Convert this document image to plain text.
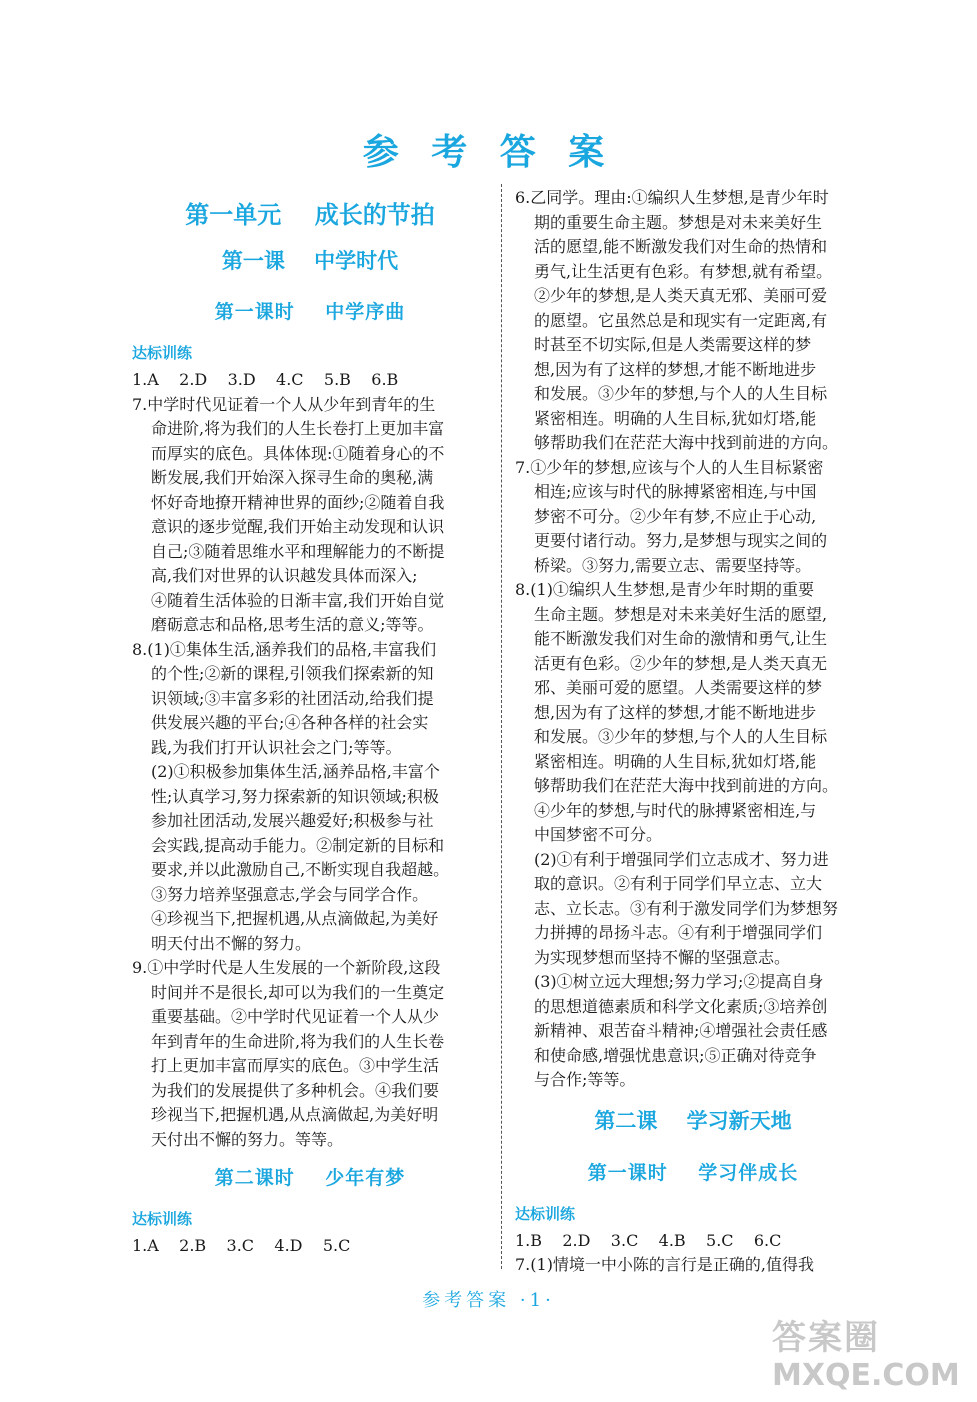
参 考 答 案
第一单元    成长的节拍
第一课    中学时代
第一课时    中学序曲
达标训练
1.A    2.D    3.D    4.C    5.B    6.B
7.中学时代见证着一个人从少年到青年的生
命进阶,将为我们的人生长卷打上更加丰富
而厚实的底色。具体体现:①随着身心的不
断发展,我们开始深入探寻生命的奥秘,满
怀好奇地撩开精神世界的面纱;②随着自我
意识的逐步觉醒,我们开始主动发现和认识
自己;③随着思维水平和理解能力的不断提
高,我们对世界的认识越发具体而深入;
④随着生活体验的日渐丰富,我们开始自觉
磨砺意志和品格,思考生活的意义;等等。
8.(1)①集体生活,涵养我们的品格,丰富我们
的个性;②新的课程,引领我们探索新的知
识领域;③丰富多彩的社团活动,给我们提
供发展兴趣的平台;④各种各样的社会实
践,为我们打开认识社会之门;等等。
(2)①积极参加集体生活,涵养品格,丰富个
性;认真学习,努力探索新的知识领域;积极
参加社团活动,发展兴趣爱好;积极参与社
会实践,提高动手能力。②制定新的目标和
要求,并以此激励自己,不断实现自我超越。
③努力培养坚强意志,学会与同学合作。
④珍视当下,把握机遇,从点滴做起,为美好
明天付出不懈的努力。
9.①中学时代是人生发展的一个新阶段,这段
时间并不是很长,却可以为我们的一生奠定
重要基础。②中学时代见证着一个人从少
年到青年的生命进阶,将为我们的人生长卷
打上更加丰富而厚实的底色。③中学生活
为我们的发展提供了多种机会。④我们要
珍视当下,把握机遇,从点滴做起,为美好明
天付出不懈的努力。等等。
第二课时    少年有梦
达标训练
1.A    2.B    3.C    4.D    5.C
6.乙同学。理由:①编织人生梦想,是青少年时
期的重要生命主题。梦想是对未来美好生
活的愿望,能不断激发我们对生命的热情和
勇气,让生活更有色彩。有梦想,就有希望。
②少年的梦想,是人类天真无邪、美丽可爱
的愿望。它虽然总是和现实有一定距离,有
时甚至不切实际,但是人类需要这样的梦
想,因为有了这样的梦想,才能不断地进步
和发展。③少年的梦想,与个人的人生目标
紧密相连。明确的人生目标,犹如灯塔,能
够帮助我们在茫茫大海中找到前进的方向。
7.①少年的梦想,应该与个人的人生目标紧密
相连;应该与时代的脉搏紧密相连,与中国
梦密不可分。②少年有梦,不应止于心动,
更要付诸行动。努力,是梦想与现实之间的
桥梁。③努力,需要立志、需要坚持等。
8.(1)①编织人生梦想,是青少年时期的重要
生命主题。梦想是对未来美好生活的愿望,
能不断激发我们对生命的激情和勇气,让生
活更有色彩。②少年的梦想,是人类天真无
邪、美丽可爱的愿望。人类需要这样的梦
想,因为有了这样的梦想,才能不断地进步
和发展。③少年的梦想,与个人的人生目标
紧密相连。明确的人生目标,犹如灯塔,能
够帮助我们在茫茫大海中找到前进的方向。
④少年的梦想,与时代的脉搏紧密相连,与
中国梦密不可分。
(2)①有利于增强同学们立志成才、努力进
取的意识。②有利于同学们早立志、立大
志、立长志。③有利于激发同学们为梦想努
力拼搏的昂扬斗志。④有利于增强同学们
为实现梦想而坚持不懈的坚强意志。
(3)①树立远大理想;努力学习;②提高自身
的思想道德素质和科学文化素质;③培养创
新精神、艰苦奋斗精神;④增强社会责任感
和使命感,增强忧患意识;⑤正确对待竞争
与合作;等等。
第二课    学习新天地
第一课时    学习伴成长
达标训练
1.B    2.D    3.C    4.B    5.C    6.C
7.(1)情境一中小陈的言行是正确的,值得我
参考答案 ·1·
答案圈
MXQE.COM
